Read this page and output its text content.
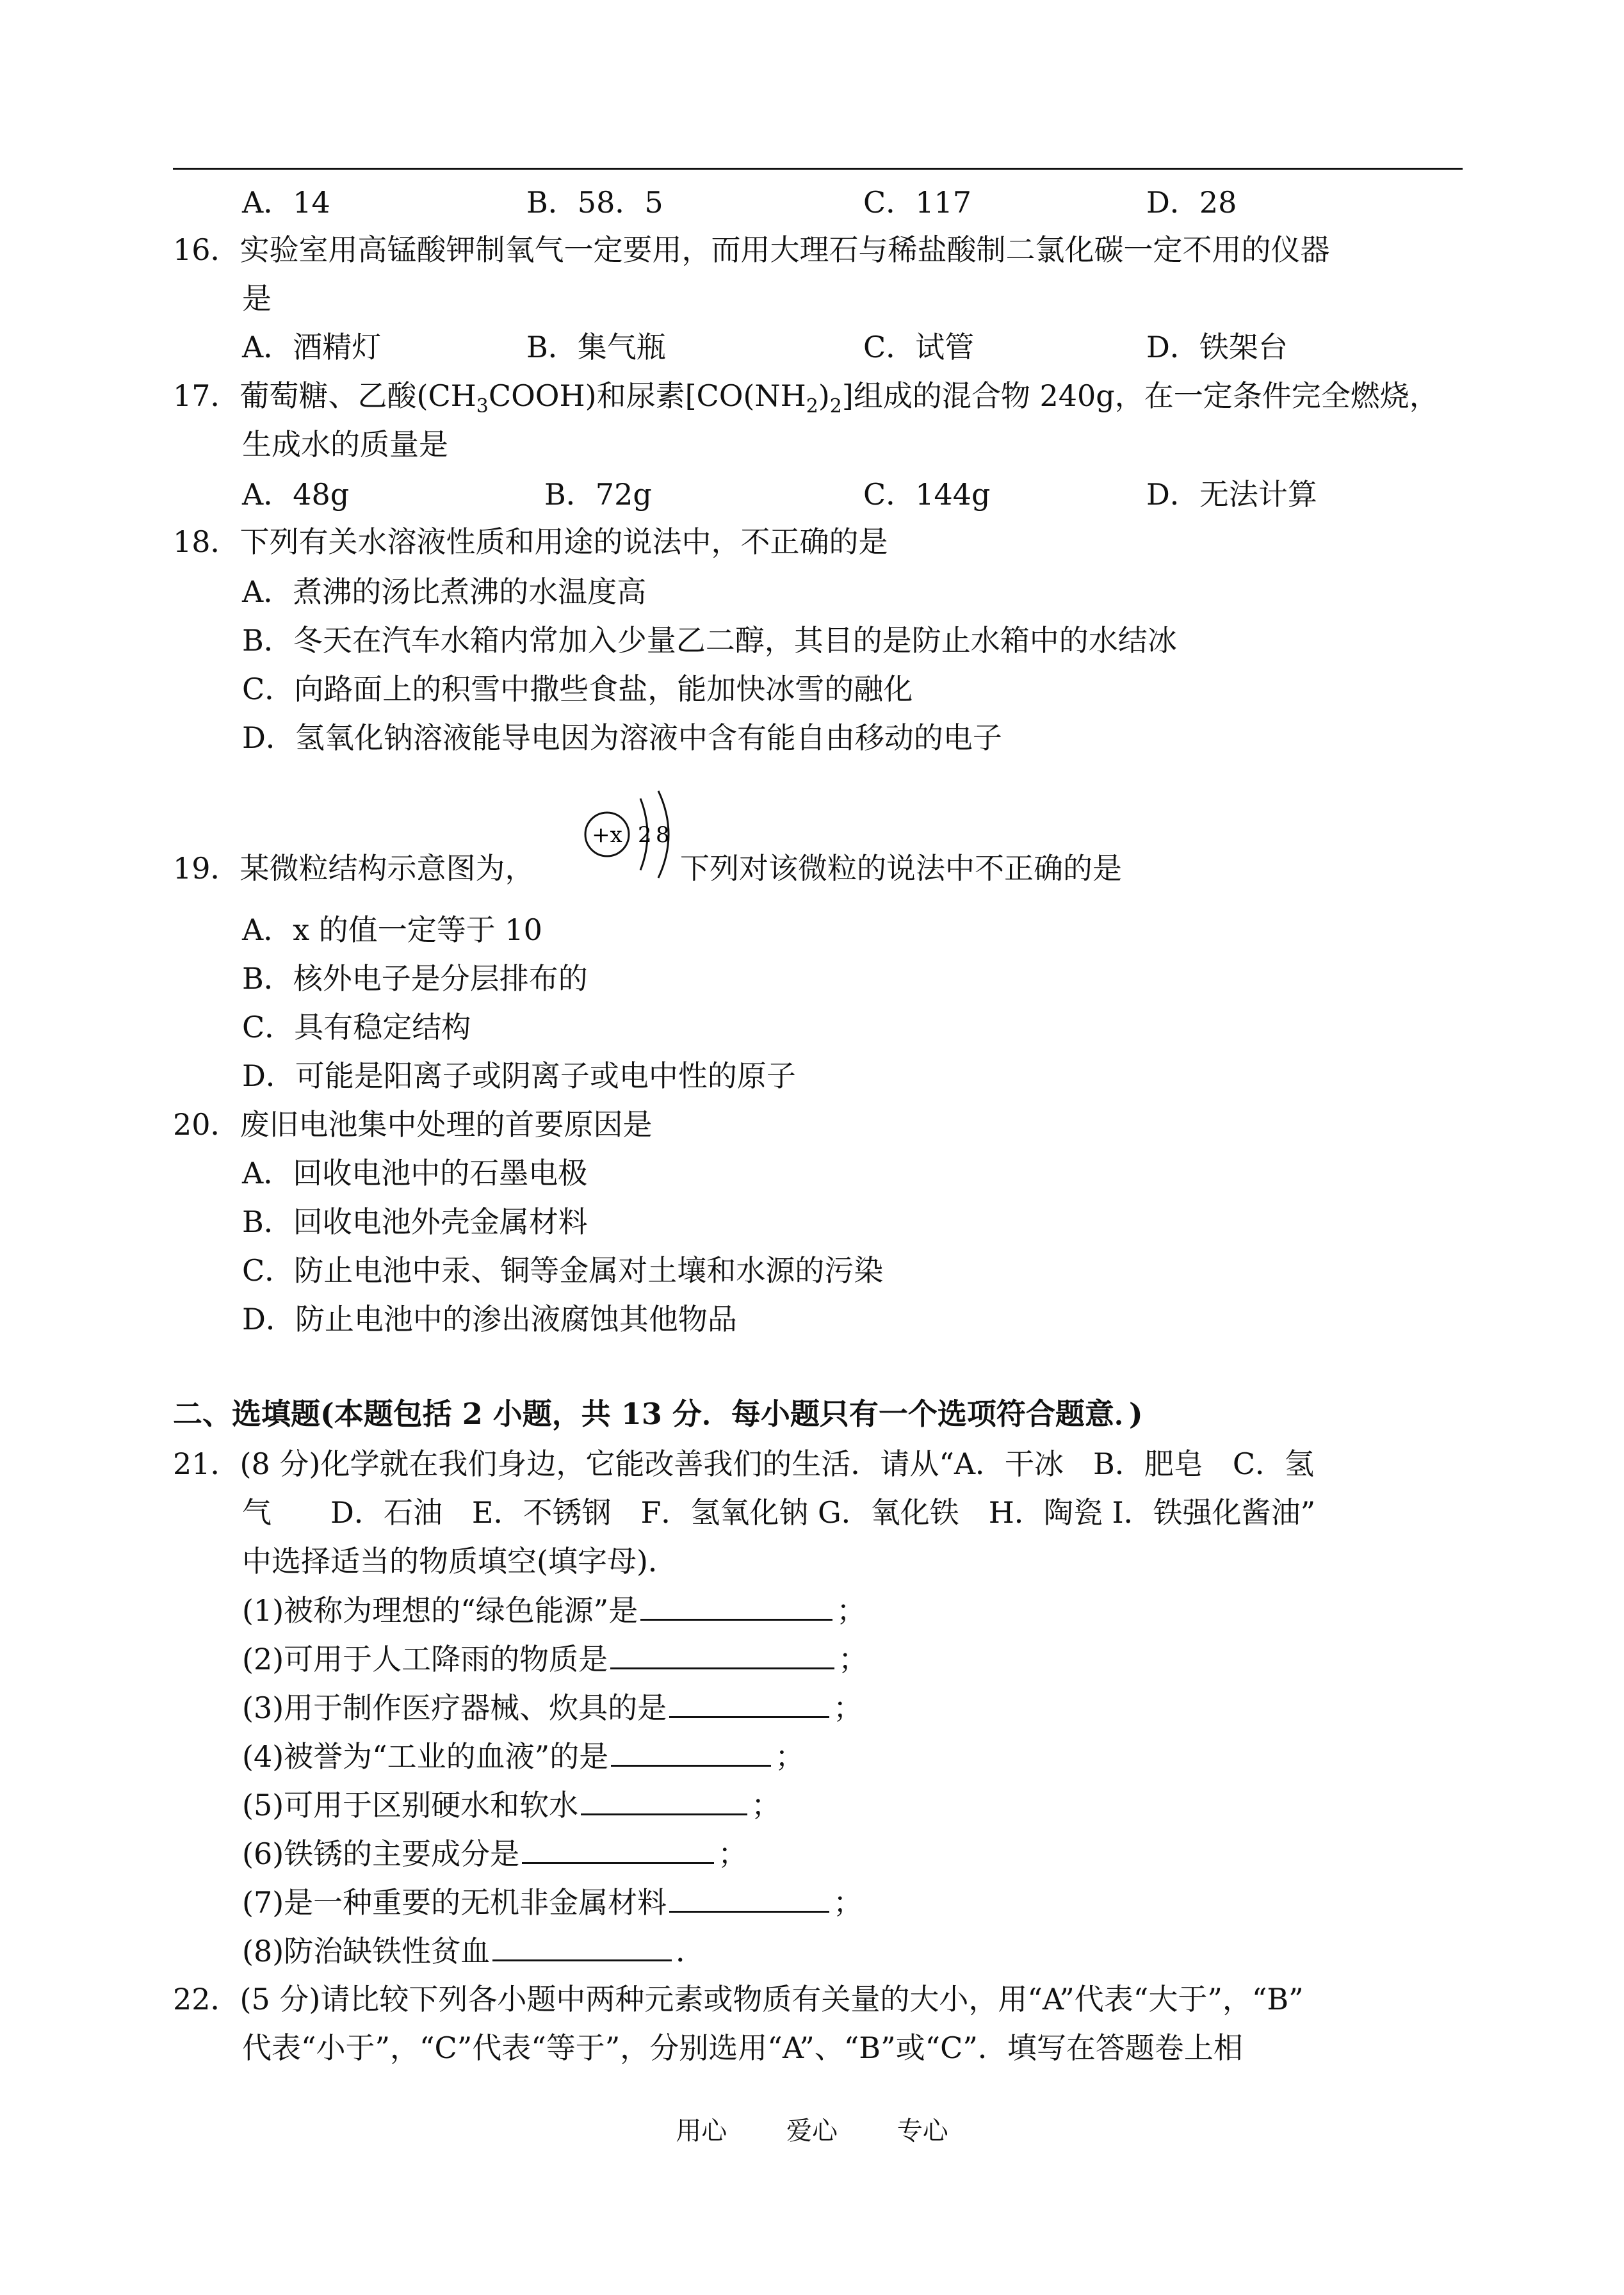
A．14	B．58．5	C．117	D．28
16．实验室用高锰酸钾制氧气一定要用，而用大理石与稀盐酸制二氯化碳一定不用的仪器
是
A．酒精灯	B．集气瓶	C．试管	D．铁架台
17．葡萄糖、乙酸$(CH_3COOH)$和尿素$[CO(NH_2)_2]$组成的混合物 240g，在一定条件完全燃烧，
生成水的质量是
A．48g	B．72g	C．144g	D．无法计算
18．下列有关水溶液性质和用途的说法中，不正确的是
A．煮沸的汤比煮沸的水温度高
B．冬天在汽车水箱内常加入少量乙二醇，其目的是防止水箱中的水结冰
C．向路面上的积雪中撒些食盐，能加快冰雪的融化
D．氢氧化钠溶液能导电因为溶液中含有能自由移动的电子
+x 2 8
19．某微粒结构示意图为，	下列对该微粒的说法中不正确的是
A．x 的值一定等于 10
B．核外电子是分层排布的
C．具有稳定结构
D．可能是阳离子或阴离子或电中性的原子
20．废旧电池集中处理的首要原因是
A．回收电池中的石墨电极
B．回收电池外壳金属材料
C．防止电池中汞、铜等金属对土壤和水源的污染
D．防止电池中的渗出液腐蚀其他物品
二、选填题(本题包括 2 小题，共 13 分．每小题只有一个选项符合题意．)
21．(8 分)化学就在我们身边，它能改善我们的生活．请从“A．干冰　B．肥皂　C．氢
气　　D．石油　E．不锈钢　F．氢氧化钠 G．氧化铁　H．陶瓷 I．铁强化酱油”
中选择适当的物质填空(填字母)．
(1)被称为理想的“绿色能源”是	；
(2)可用于人工降雨的物质是	；
(3)用于制作医疗器械、炊具的是	；
(4)被誉为“工业的血液”的是	；
(5)可用于区别硬水和软水	；
(6)铁锈的主要成分是	；
(7)是一种重要的无机非金属材料	；
(8)防治缺铁性贫血	．
22．(5 分)请比较下列各小题中两种元素或物质有关量的大小，用“A”代表“大于”，“B”
代表“小于”，“C”代表“等于”，分别选用“A”、“B”或“C”．填写在答题卷上相
用心 爱心 专心
